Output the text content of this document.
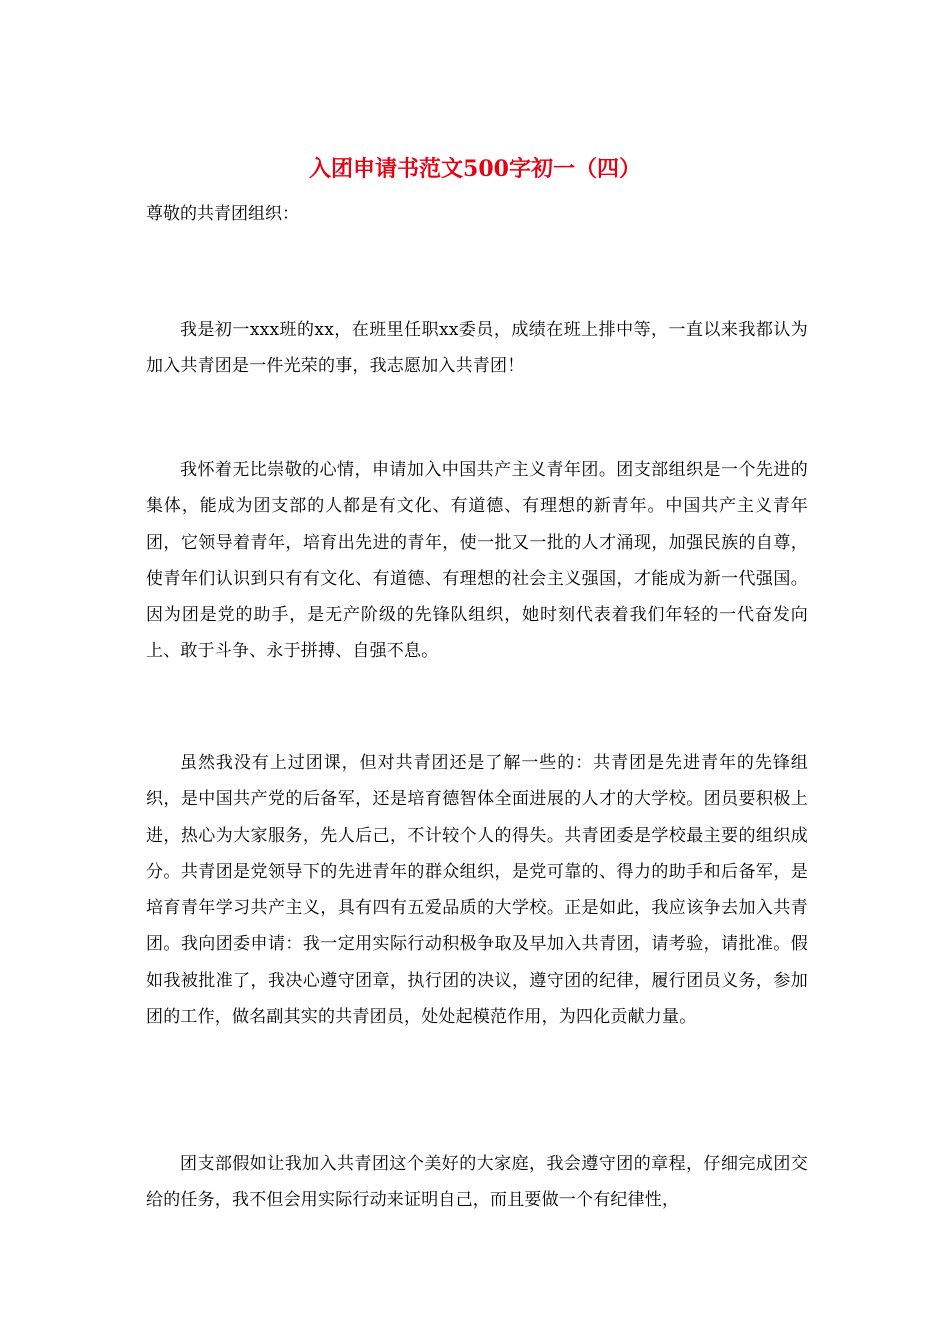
入团申请书范文500字初一（四）
尊敬的共青团组织：

我是初一xxx班的xx，在班里任职xx委员，成绩在班上排中等，一直以来我都认为加入共青团是一件光荣的事，我志愿加入共青团！

我怀着无比崇敬的心情，申请加入中国共产主义青年团。团支部组织是一个先进的集体，能成为团支部的人都是有文化、有道德、有理想的新青年。中国共产主义青年团，它领导着青年，培育出先进的青年，使一批又一批的人才涌现，加强民族的自尊，使青年们认识到只有有文化、有道德、有理想的社会主义强国，才能成为新一代强国。因为团是党的助手，是无产阶级的先锋队组织，她时刻代表着我们年轻的一代奋发向上、敢于斗争、永于拼搏、自强不息。

虽然我没有上过团课，但对共青团还是了解一些的：共青团是先进青年的先锋组织，是中国共产党的后备军，还是培育德智体全面进展的人才的大学校。团员要积极上进，热心为大家服务，先人后己，不计较个人的得失。共青团委是学校最主要的组织成分。共青团是党领导下的先进青年的群众组织，是党可靠的、得力的助手和后备军，是培育青年学习共产主义，具有四有五爱品质的大学校。正是如此，我应该争去加入共青团。我向团委申请：我一定用实际行动积极争取及早加入共青团，请考验，请批准。假如我被批准了，我决心遵守团章，执行团的决议，遵守团的纪律，履行团员义务，参加团的工作，做名副其实的共青团员，处处起模范作用，为四化贡献力量。

团支部假如让我加入共青团这个美好的大家庭，我会遵守团的章程，仔细完成团交给的任务，我不但会用实际行动来证明自己，而且要做一个有纪律性，
